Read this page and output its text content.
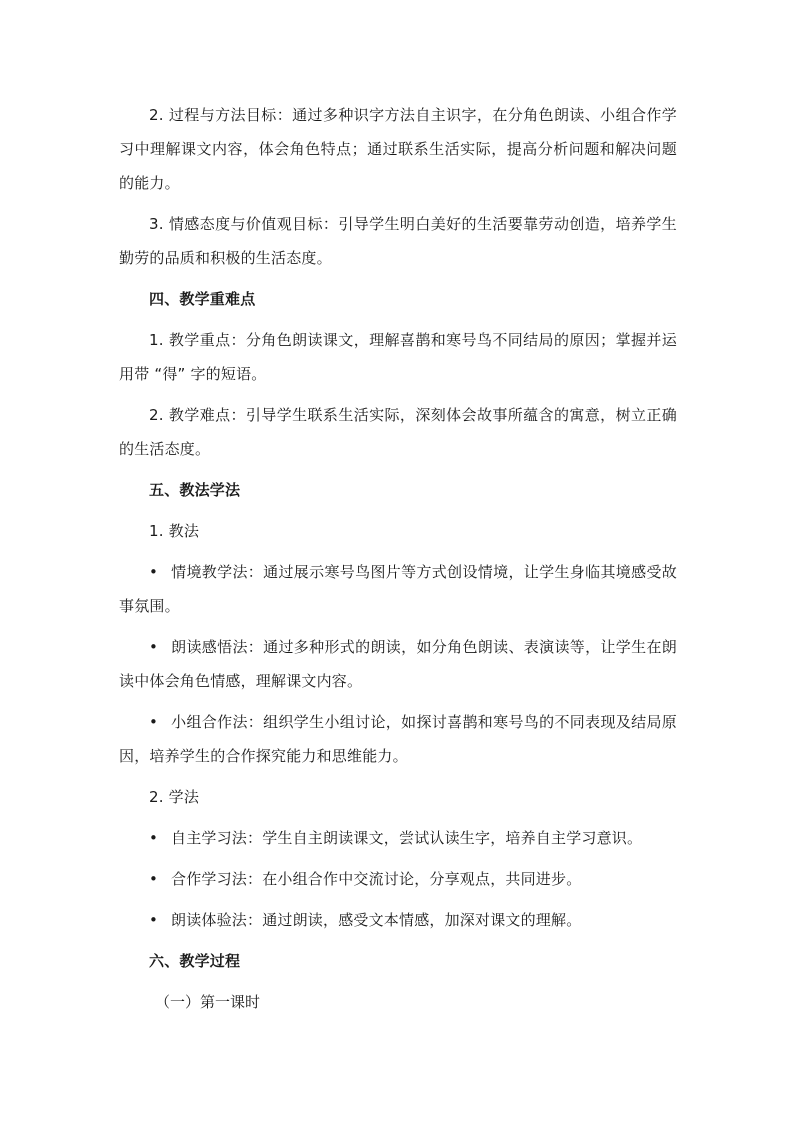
2. 过程与方法目标：通过多种识字方法自主识字，在分角色朗读、小组合作学习中理解课文内容，体会角色特点；通过联系生活实际，提高分析问题和解决问题的能力。

3. 情感态度与价值观目标：引导学生明白美好的生活要靠劳动创造，培养学生勤劳的品质和积极的生活态度。

四、教学重难点

1. 教学重点：分角色朗读课文，理解喜鹊和寒号鸟不同结局的原因；掌握并运用带 “得” 字的短语。

2. 教学难点：引导学生联系生活实际，深刻体会故事所蕴含的寓意，树立正确的生活态度。

五、教法学法

1. 教法

• 情境教学法：通过展示寒号鸟图片等方式创设情境，让学生身临其境感受故事氛围。

• 朗读感悟法：通过多种形式的朗读，如分角色朗读、表演读等，让学生在朗读中体会角色情感，理解课文内容。

• 小组合作法：组织学生小组讨论，如探讨喜鹊和寒号鸟的不同表现及结局原因，培养学生的合作探究能力和思维能力。

2. 学法

• 自主学习法：学生自主朗读课文，尝试认读生字，培养自主学习意识。

• 合作学习法：在小组合作中交流讨论，分享观点，共同进步。

• 朗读体验法：通过朗读，感受文本情感，加深对课文的理解。

六、教学过程

（一）第一课时
